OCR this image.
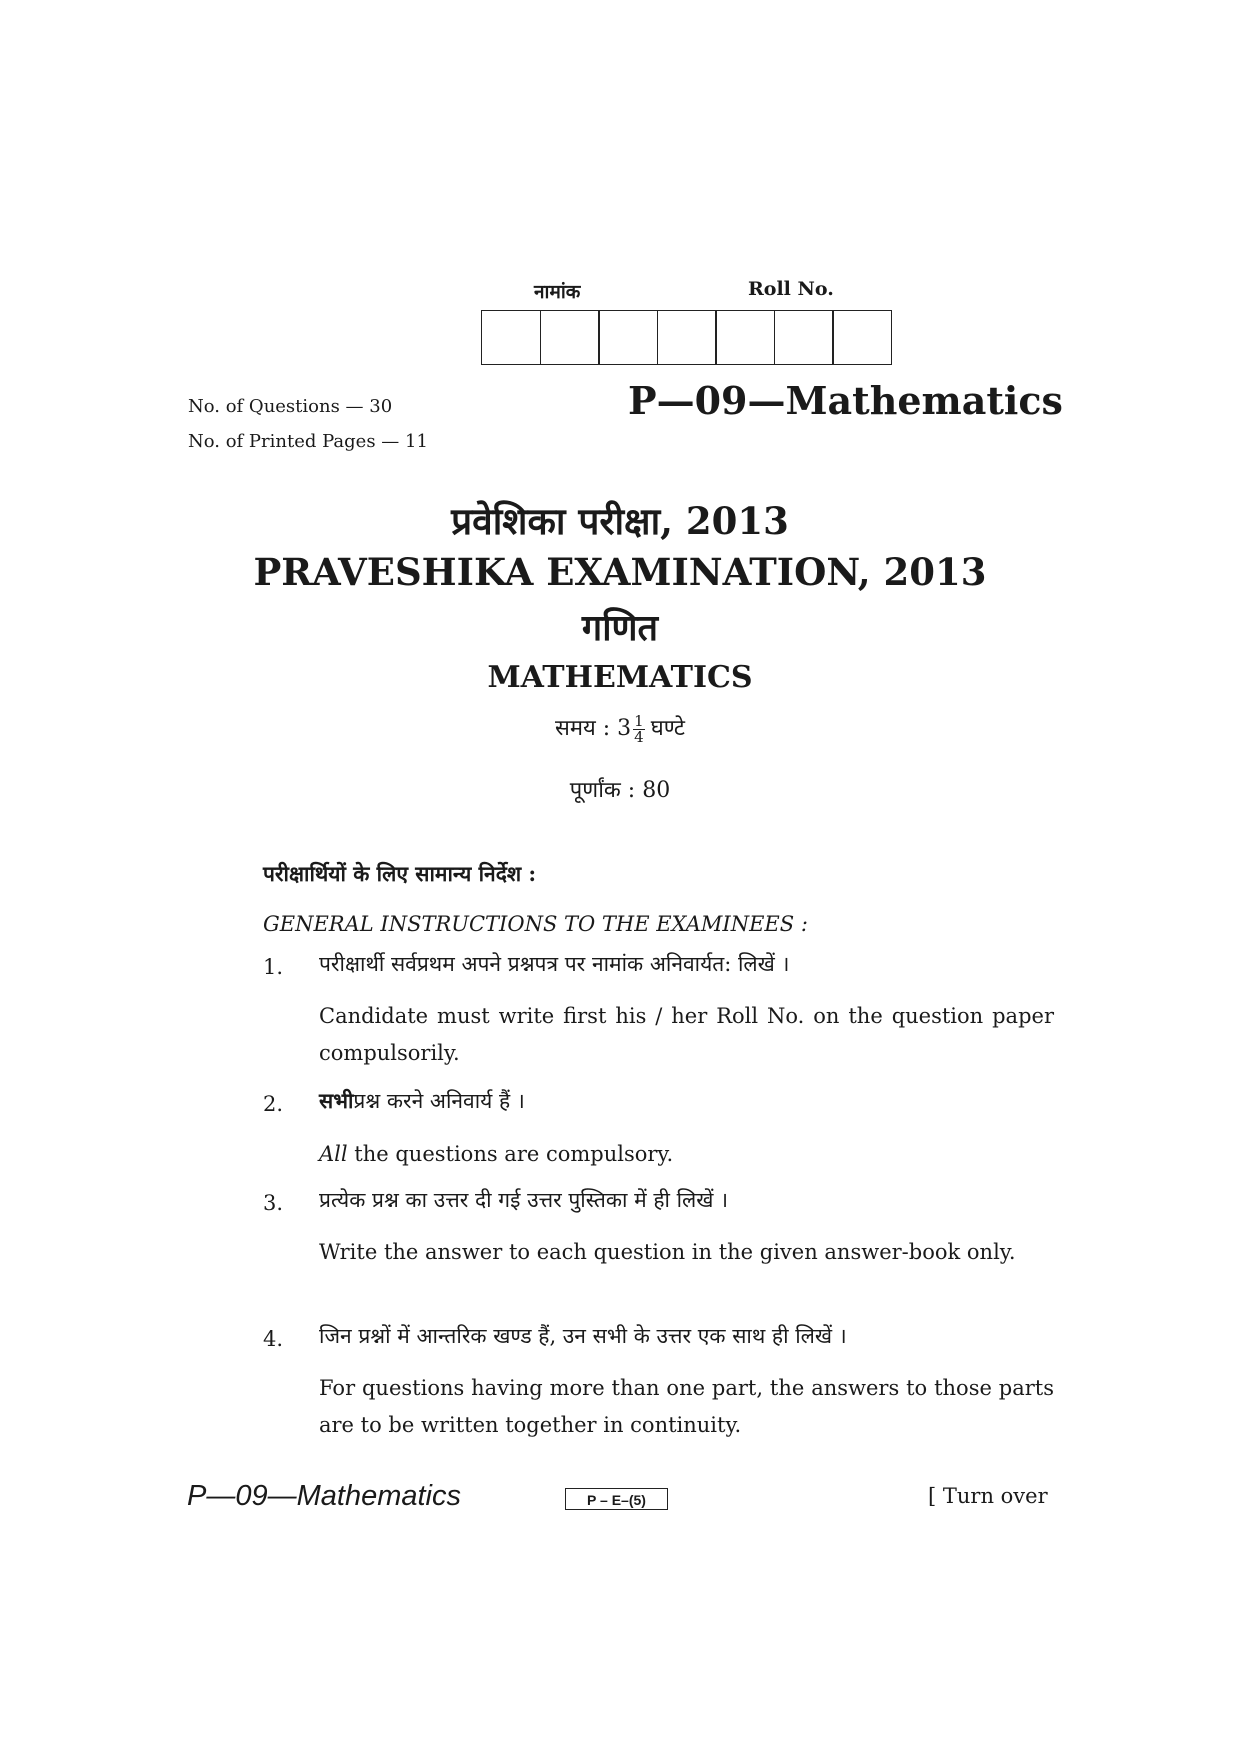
नामांक	Roll No.
No. of Questions — 30
No. of Printed Pages — 11
P—09—Mathematics
प्रवेशिका परीक्षा, 2013
PRAVESHIKA EXAMINATION, 2013
गणित
MATHEMATICS
समय : $3 \frac{1}{4}$ घण्टे
पूर्णांक : 80
परीक्षार्थियों के लिए सामान्य निर्देश :
GENERAL INSTRUCTIONS TO THE EXAMINEES :
1. परीक्षार्थी सर्वप्रथम अपने प्रश्नपत्र पर नामांक अनिवार्यत: लिखें ।
Candidate must write first his / her Roll No. on the question paper compulsorily.
2. सभीप्रश्न करने अनिवार्य हैं ।
All the questions are compulsory.
3. प्रत्येक प्रश्न का उत्तर दी गई उत्तर पुस्तिका में ही लिखें ।
Write the answer to each question in the given answer-book only.
4. जिन प्रश्नों में आन्तरिक खण्ड हैं, उन सभी के उत्तर एक साथ ही लिखें ।
For questions having more than one part, the answers to those parts are to be written together in continuity.
P—09—Mathematics	P – E–(5)	[ Turn over
